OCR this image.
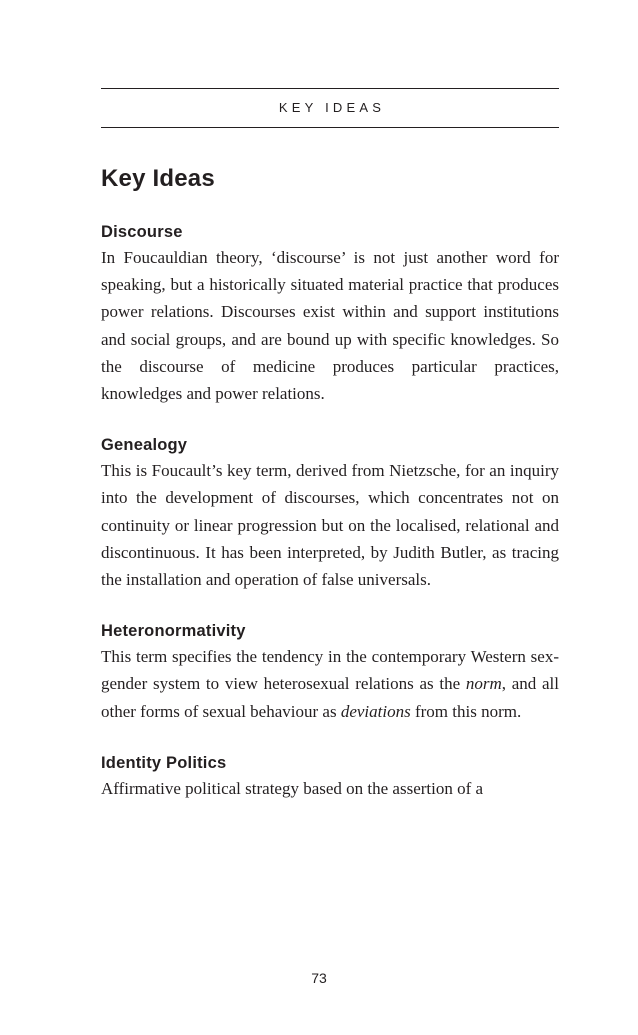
KEY IDEAS
Key Ideas
Discourse

In Foucauldian theory, ‘discourse’ is not just another word for speaking, but a historically situated material practice that produces power relations. Discourses exist within and support institutions and social groups, and are bound up with specific knowledges. So the discourse of medicine produces particular practices, knowledges and power relations.

Genealogy

This is Foucault’s key term, derived from Nietzsche, for an inquiry into the development of discourses, which concentrates not on continuity or linear progression but on the localised, relational and discontinuous. It has been interpreted, by Judith Butler, as tracing the installation and operation of false universals.

Heteronormativity

This term specifies the tendency in the contemporary Western sex-gender system to view heterosexual relations as the norm, and all other forms of sexual behaviour as deviations from this norm.

Identity Politics

Affirmative political strategy based on the assertion of a

73
